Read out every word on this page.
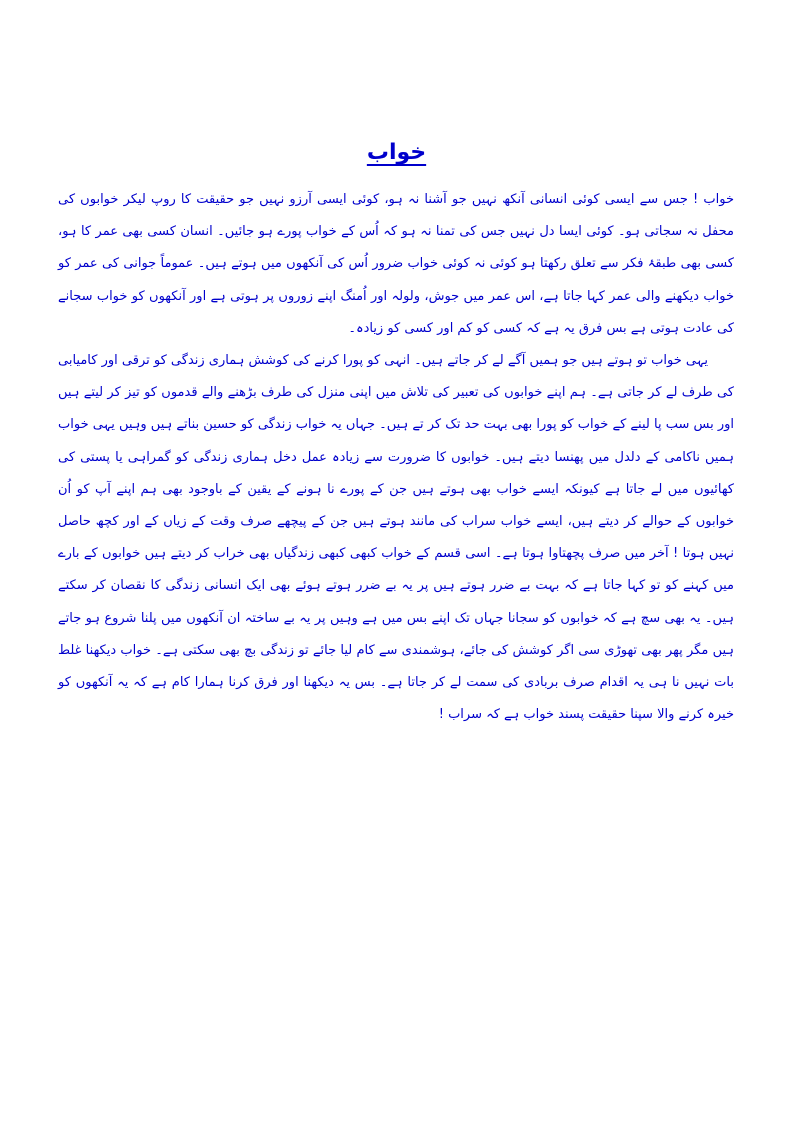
خواب

خواب ! جس سے ایسی کوئی انسانی آنکھ نہیں جو آشنا نہ ہو، کوئی ایسی آرزو نہیں جو حقیقت کا روپ لیکر خوابوں کی محفل نہ سجاتی ہو۔ کوئی ایسا دل نہیں جس کی تمنا نہ ہو کہ اُس کے خواب پورے ہو جائیں۔ انسان کسی بھی عمر کا ہو، کسی بھی طبقۂ فکر سے تعلق رکھتا ہو کوئی نہ کوئی خواب ضرور اُس کی آنکھوں میں ہوتے ہیں۔ عموماً جوانی کی عمر کو خواب دیکھنے والی عمر کہا جاتا ہے، اس عمر میں جوش، ولولہ اور اُمنگ اپنے زوروں پر ہوتی ہے اور آنکھوں کو خواب سجانے کی عادت ہوتی ہے بس فرق یہ ہے کہ کسی کو کم اور کسی کو زیادہ۔

یہی خواب تو ہوتے ہیں جو ہمیں آگے لے کر جاتے ہیں۔ انہی کو پورا کرنے کی کوشش ہماری زندگی کو ترقی اور کامیابی کی طرف لے کر جاتی ہے۔ ہم اپنے خوابوں کی تعبیر کی تلاش میں اپنی منزل کی طرف بڑھنے والے قدموں کو تیز کر لیتے ہیں اور بس سب پا لینے کے خواب کو پورا بھی بہت حد تک کر تے ہیں۔ جہاں یہ خواب زندگی کو حسین بناتے ہیں وہیں یہی خواب ہمیں ناکامی کے دلدل میں پھنسا دیتے ہیں۔ خوابوں کا ضرورت سے زیادہ عمل دخل ہماری زندگی کو گمراہی یا پستی کی کھائیوں میں لے جاتا ہے کیونکہ ایسے خواب بھی ہوتے ہیں جن کے پورے نا ہونے کے یقین کے باوجود بھی ہم اپنے آپ کو اُن خوابوں کے حوالے کر دیتے ہیں، ایسے خواب سراب کی مانند ہوتے ہیں جن کے پیچھے صرف وقت کے زیاں کے اور کچھ حاصل نہیں ہوتا ! آخر میں صرف پچھتاوا ہوتا ہے۔ اسی قسم کے خواب کبھی کبھی زندگیاں بھی خراب کر دیتے ہیں خوابوں کے بارے میں کہنے کو تو کہا جاتا ہے کہ بہت بے ضرر ہوتے ہیں پر یہ بے ضرر ہوتے ہوئے بھی ایک انسانی زندگی کا نقصان کر سکتے ہیں۔ یہ بھی سچ ہے کہ خوابوں کو سجانا جہاں تک اپنے بس میں ہے وہیں پر یہ بے ساختہ ان آنکھوں میں پلنا شروع ہو جاتے ہیں مگر پھر بھی تھوڑی سی اگر کوشش کی جائے، ہوشمندی سے کام لیا جائے تو زندگی بچ بھی سکتی ہے۔ خواب دیکھنا غلط بات نہیں نا ہی یہ اقدام صرف بربادی کی سمت لے کر جاتا ہے۔ بس یہ دیکھنا اور فرق کرنا ہمارا کام ہے کہ یہ آنکھوں کو خیرہ کرنے والا سپنا حقیقت پسند خواب ہے کہ سراب !
